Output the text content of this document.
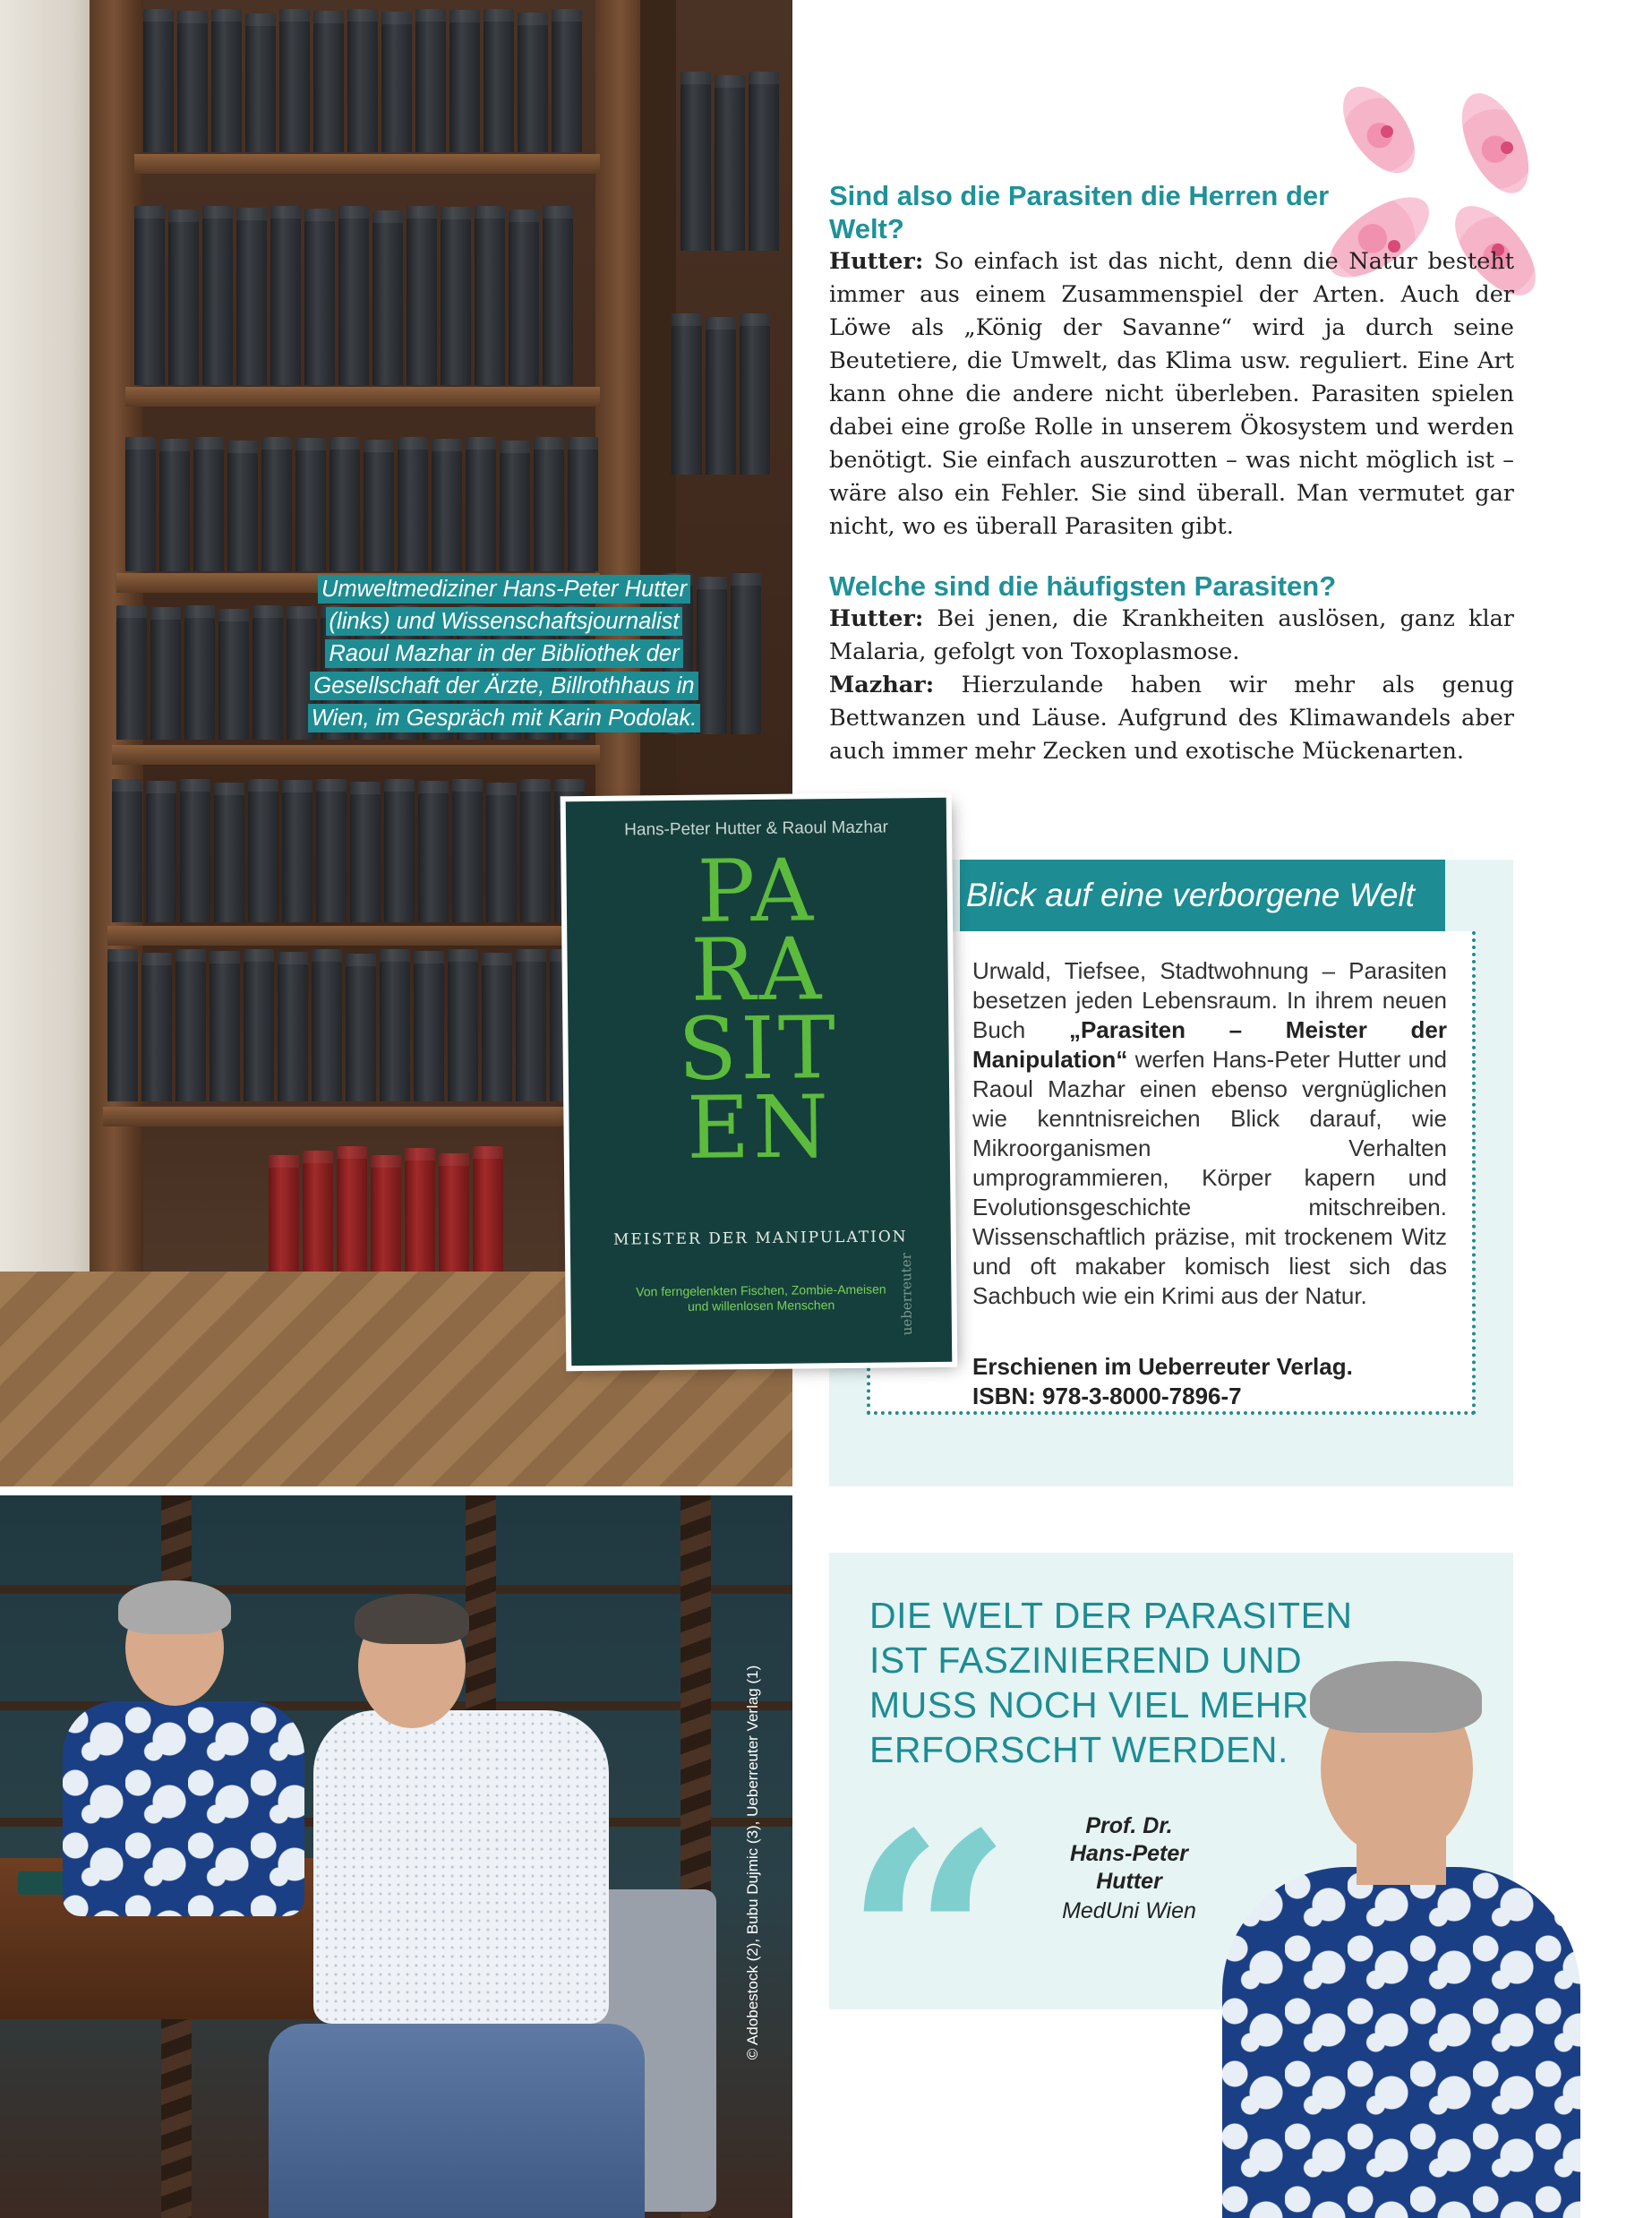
Umweltmediziner Hans-Peter Hutter
(links) und Wissenschaftsjournalist
Raoul Mazhar in der Bibliothek der
Gesellschaft der Ärzte, Billrothhaus in
Wien, im Gespräch mit Karin Podolak.
© Adobestock (2), Bubu Dujmic (3), Ueberreuter Verlag (1)
Sind also die Parasiten die Herren der Welt?

Hutter: So einfach ist das nicht, denn die Natur besteht immer aus einem Zusammenspiel der Arten. Auch der Löwe als „König der Savanne“ wird ja durch seine Beutetiere, die Umwelt, das Klima usw. reguliert. Eine Art kann ohne die andere nicht überleben. Parasiten spielen dabei eine große Rolle in unserem Ökosystem und werden benötigt. Sie einfach auszurotten – was nicht möglich ist – wäre also ein Fehler. Sie sind überall. Man vermutet gar nicht, wo es überall Parasiten gibt.

Welche sind die häufigsten Parasiten?

Hutter: Bei jenen, die Krankheiten auslösen, ganz klar Malaria, gefolgt von Toxoplasmose.

Mazhar: Hierzulande haben wir mehr als genug Bettwanzen und Läuse. Aufgrund des Klimawandels aber auch immer mehr Zecken und exotische Mückenarten.

Blick auf eine verborgene Welt
Urwald, Tiefsee, Stadtwohnung – Parasiten besetzen jeden Lebensraum. In ihrem neuen Buch „Parasiten – Meister der Manipulation“ werfen Hans-Peter Hutter und Raoul Mazhar einen ebenso vergnüglichen wie kenntnisreichen Blick darauf, wie Mikroorganismen Verhalten umprogrammieren, Körper kapern und Evolutionsgeschichte mitschreiben. Wissenschaftlich präzise, mit trockenem Witz und oft makaber komisch liest sich das Sachbuch wie ein Krimi aus der Natur.
Erschienen im Ueberreuter Verlag.
ISBN: 978-3-8000-7896-7
Hans-Peter Hutter & Raoul Mazhar
PA
RA
SIT
EN
MEISTER DER MANIPULATION
Von ferngelenkten Fischen, Zombie-Ameisen und willenlosen Menschen	ueberreuter
DIE WELT DER PARASITEN IST FASZINIEREND UND MUSS NOCH VIEL MEHR ERFORSCHT WERDEN.
“	Prof. Dr.
Hans-Peter
Hutter
MedUni Wien
